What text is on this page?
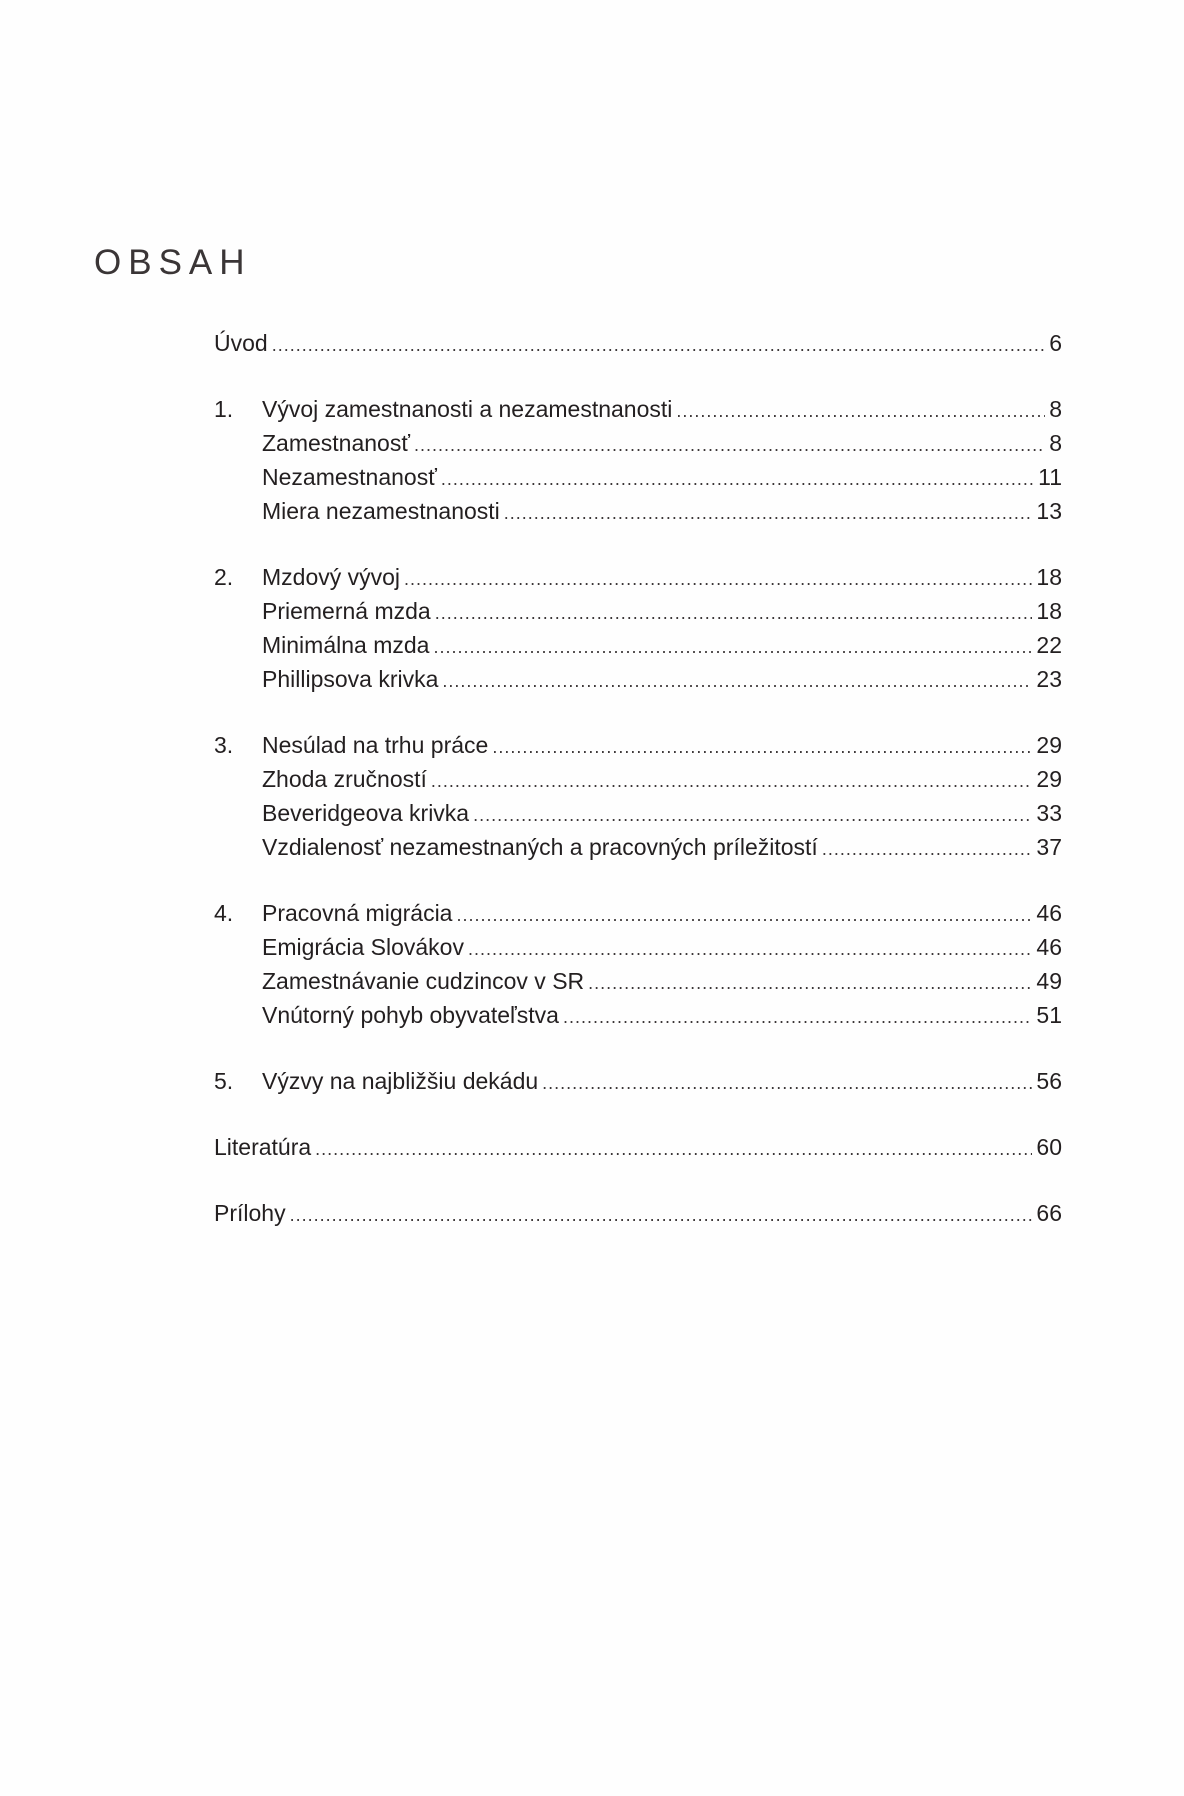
OBSAH
Úvod .....	6
1.	Vývoj zamestnanosti a nezamestnanosti .....	8
Zamestnanosť .....	8
Nezamestnanosť .....	11
Miera nezamestnanosti .....	13
2.	Mzdový vývoj .....	18
Priemerná mzda .....	18
Minimálna mzda .....	22
Phillipsova krivka .....	23
3.	Nesúlad na trhu práce .....	29
Zhoda zručností .....	29
Beveridgeova krivka .....	33
Vzdialenosť nezamestnaných a pracovných príležitostí .....	37
4.	Pracovná migrácia .....	46
Emigrácia Slovákov .....	46
Zamestnávanie cudzincov v SR .....	49
Vnútorný pohyb obyvateľstva .....	51
5.	Výzvy na najbližšiu dekádu .....	56
Literatúra .....	60
Prílohy .....	66
